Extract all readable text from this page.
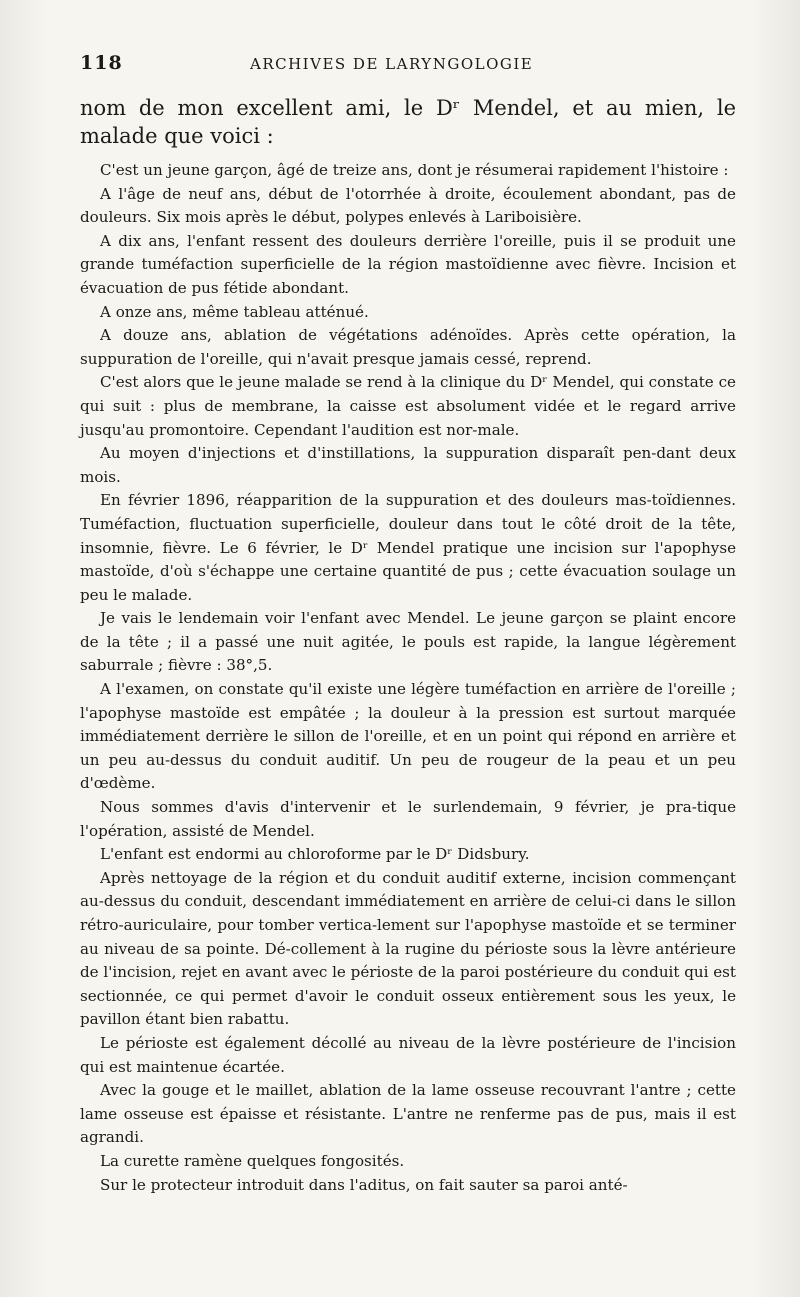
118	ARCHIVES DE LARYNGOLOGIE

nom de mon excellent ami, le Dʳ Mendel, et au mien, le malade que voici :

C'est un jeune garçon, âgé de treize ans, dont je résumerai rapidement l'histoire :

A l'âge de neuf ans, début de l'otorrhée à droite, écoulement abondant, pas de douleurs. Six mois après le début, polypes enlevés à Lariboisière.

A dix ans, l'enfant ressent des douleurs derrière l'oreille, puis il se produit une grande tuméfaction superficielle de la région mastoïdienne avec fièvre. Incision et évacuation de pus fétide abondant.

A onze ans, même tableau atténué.

A douze ans, ablation de végétations adénoïdes. Après cette opération, la suppuration de l'oreille, qui n'avait presque jamais cessé, reprend.

C'est alors que le jeune malade se rend à la clinique du Dʳ Mendel, qui constate ce qui suit : plus de membrane, la caisse est absolument vidée et le regard arrive jusqu'au promontoire. Cependant l'audition est nor-male.

Au moyen d'injections et d'instillations, la suppuration disparaît pen-dant deux mois.

En février 1896, réapparition de la suppuration et des douleurs mas-toïdiennes. Tuméfaction, fluctuation superficielle, douleur dans tout le côté droit de la tête, insomnie, fièvre. Le 6 février, le Dʳ Mendel pratique une incision sur l'apophyse mastoïde, d'où s'échappe une certaine quantité de pus ; cette évacuation soulage un peu le malade.

Je vais le lendemain voir l'enfant avec Mendel. Le jeune garçon se plaint encore de la tête ; il a passé une nuit agitée, le pouls est rapide, la langue légèrement saburrale ; fièvre : 38°,5.

A l'examen, on constate qu'il existe une légère tuméfaction en arrière de l'oreille ; l'apophyse mastoïde est empâtée ; la douleur à la pression est surtout marquée immédiatement derrière le sillon de l'oreille, et en un point qui répond en arrière et un peu au-dessus du conduit auditif. Un peu de rougeur de la peau et un peu d'œdème.

Nous sommes d'avis d'intervenir et le surlendemain, 9 février, je pra-tique l'opération, assisté de Mendel.

L'enfant est endormi au chloroforme par le Dʳ Didsbury.

Après nettoyage de la région et du conduit auditif externe, incision commençant au-dessus du conduit, descendant immédiatement en arrière de celui-ci dans le sillon rétro-auriculaire, pour tomber vertica-lement sur l'apophyse mastoïde et se terminer au niveau de sa pointe. Dé-collement à la rugine du périoste sous la lèvre antérieure de l'incision, rejet en avant avec le périoste de la paroi postérieure du conduit qui est sectionnée, ce qui permet d'avoir le conduit osseux entièrement sous les yeux, le pavillon étant bien rabattu.

Le périoste est également décollé au niveau de la lèvre postérieure de l'incision qui est maintenue écartée.

Avec la gouge et le maillet, ablation de la lame osseuse recouvrant l'antre ; cette lame osseuse est épaisse et résistante. L'antre ne renferme pas de pus, mais il est agrandi.

La curette ramène quelques fongosités.

Sur le protecteur introduit dans l'aditus, on fait sauter sa paroi anté-
